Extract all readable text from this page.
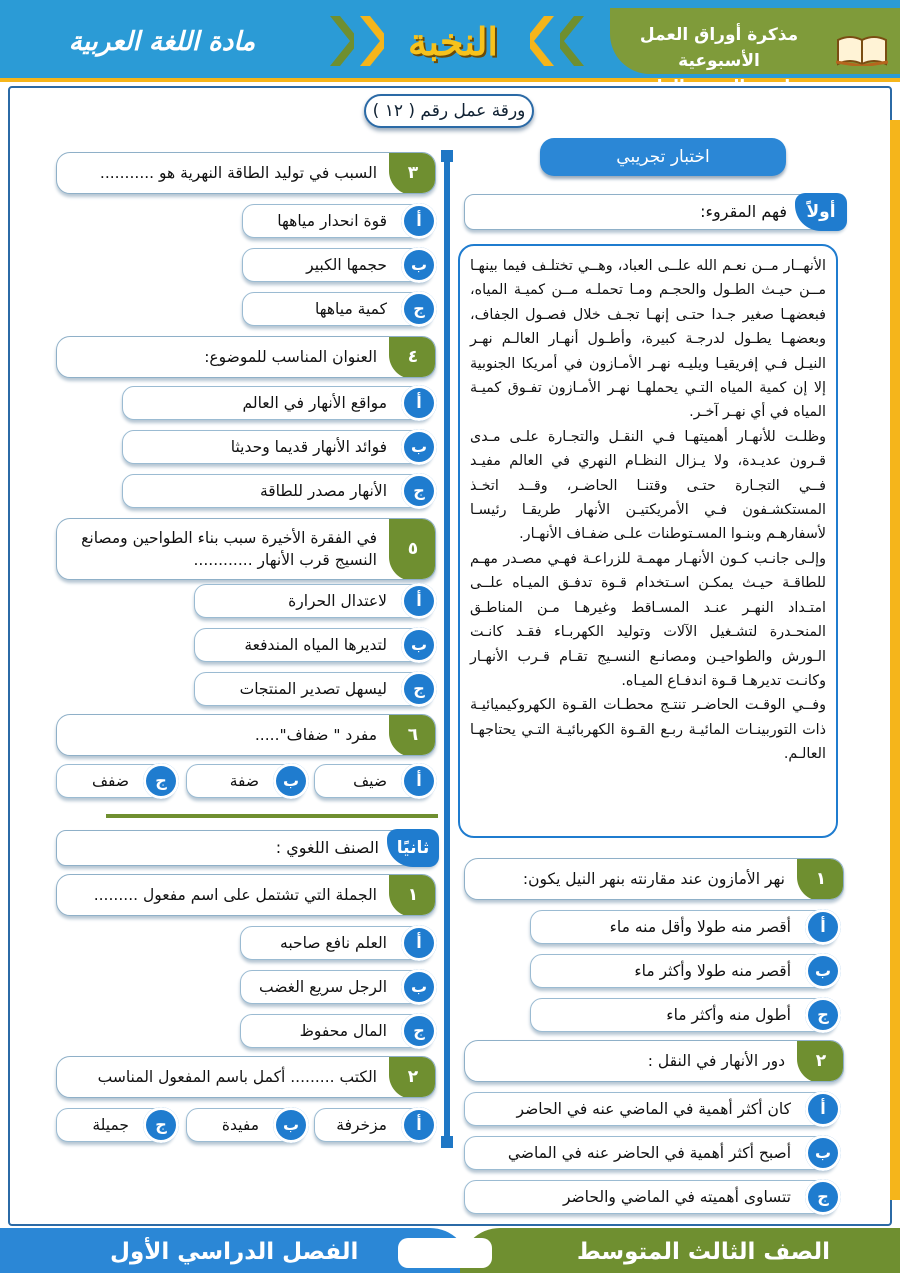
مذكرة أوراق العمل الأسبوعية
مـدارس النخـبة العلمـية
النخبة
مادة اللغة العربية
ورقة عمل رقم ( ١٢ )
اختبار تجريبي
أولاً
فهم المقروء:

الأنهــار مــن نعـم الله علــى العباد، وهــي تختلـف فيما بينهـا مــن حيـث الطـول والحجـم ومـا تحملـه مــن كميـة المياه، فبعضهـا صغير جـدا حتـى إنهـا تجـف خلال فصـول الجفاف، وبعضهـا يطـول لدرجـة كبيرة، وأطـول أنهـار العالـم نهـر النيـل فـي إفريقيـا ويليـه نهـر الأمـازون في أمريكا الجنوبية إلا إن كمية المياه التـي يحملهـا نهـر الأمـازون تفـوق كميـة المياه في أي نهـر آخـر.

وظلـت للأنهـار أهميتهـا فـي النقـل والتجـارة علـى مـدى قـرون عديـدة، ولا يـزال النظـام النهري في العالم مفيـد فــي التجـارة حتـى وقتنـا الحاضـر، وقــد اتخـذ المستكشـفون فـي الأمريكتيـن الأنهار طريقـا رئيسـا لأسفارهـم وبنـوا المسـتوطنات علـى ضفـاف الأنهـار.

وإلـى جانـب كـون الأنهـار مهمـة للزراعـة فهـي مصـدر مهـم للطاقـة حيـث يمكـن اسـتخدام قـوة تدفـق الميـاه علــى امتـداد النهـر عنـد المسـاقط وغيرهـا مـن المناطـق المنحـدرة لتشـغيل الآلات وتوليد الكهربـاء فقـد كانـت الـورش والطواحيـن ومصانـع النسـيج تقـام قـرب الأنهـار وكانـت تديرهـا قـوة اندفـاع الميـاه.

وفــي الوقـت الحاضـر تنتـج محطـات القـوة الكهروكيميائيـة ذات التوربينـات المائيـة ربـع القـوة الكهربائيـة التـي يحتاجهـا العالـم.

١
نهر الأمازون عند مقارنته بنهر النيل يكون:
أ
أقصر منه طولا وأقل منه ماء
ب
أقصر منه طولا وأكثر ماء
ج
أطول منه وأكثر ماء
٢
دور الأنهار في النقل :
أ
كان أكثر أهمية في الماضي عنه في الحاضر
ب
أصبح أكثر أهمية في الحاضر عنه في الماضي
ج
تتساوى أهميته في الماضي والحاضر
٣
السبب في توليد الطاقة النهرية هو ...........
أ
قوة انحدار مياهها
ب
حجمها الكبير
ج
كمية مياهها
٤
العنوان المناسب للموضوع:
أ
مواقع الأنهار في العالم
ب
فوائد الأنهار قديما وحديثا
ج
الأنهار مصدر للطاقة
٥
في الفقرة الأخيرة سبب بناء الطواحين ومصانع النسيج قرب الأنهار ............
أ
لاعتدال الحرارة
ب
لتديرها المياه المندفعة
ج
ليسهل تصدير المنتجات
٦
مفرد " ضفاف".....
أ
ضيف
ب
ضفة
ج
ضفف
ثانيًا
الصنف اللغوي :
١
الجملة التي تشتمل على اسم مفعول .........
أ
العلم نافع صاحبه
ب
الرجل سريع الغضب
ج
المال محفوظ
٢
الكتب ......... أكمل باسم المفعول المناسب
أ
مزخرفة
ب
مفيدة
ج
جميلة
الصف الثالث المتوسط
الفصل الدراسي الأول
